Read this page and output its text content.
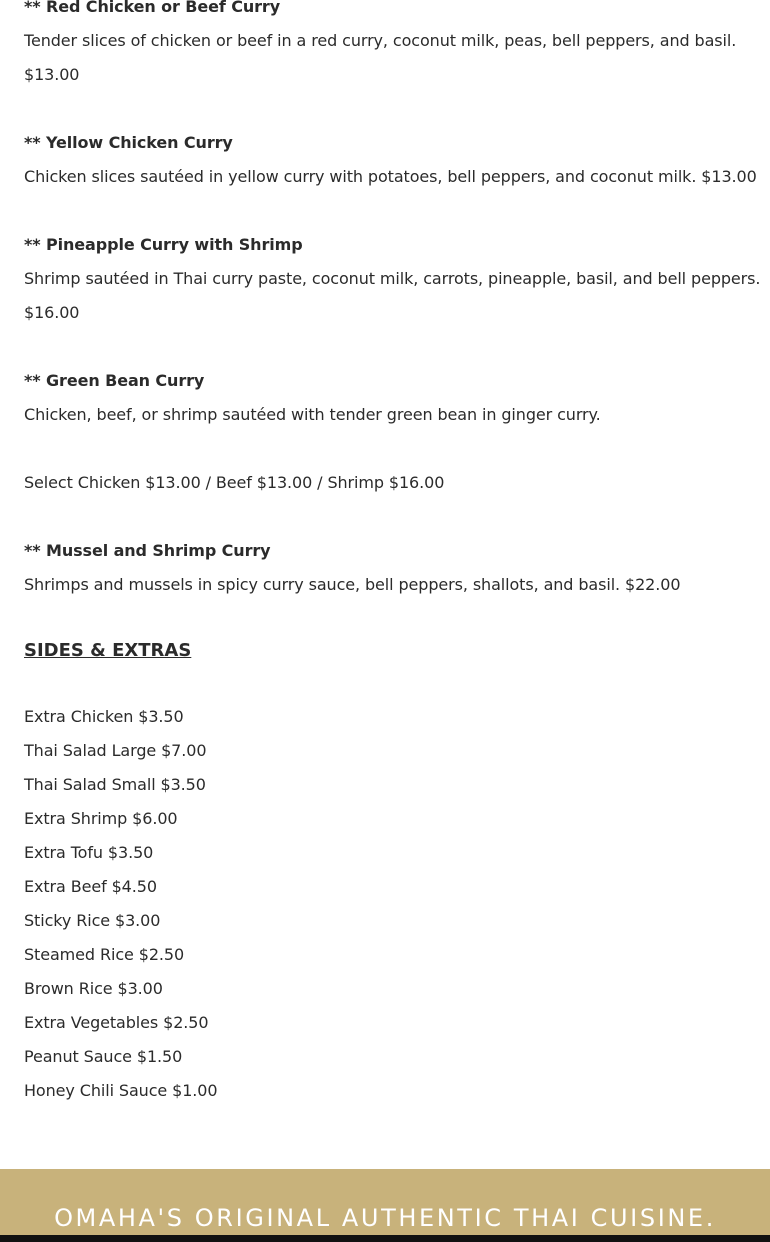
** Red Chicken or Beef Curry
Tender slices of chicken or beef in a red curry, coconut milk, peas, bell peppers, and basil.
$13.00
** Yellow Chicken Curry
Chicken slices sautéed in yellow curry with potatoes, bell peppers, and coconut milk. $13.00
** Pineapple Curry with Shrimp
Shrimp sautéed in Thai curry paste, coconut milk, carrots, pineapple, basil, and bell peppers.
$16.00
** Green Bean Curry
Chicken, beef, or shrimp sautéed with tender green bean in ginger curry.
Select Chicken $13.00 / Beef $13.00 / Shrimp $16.00
** Mussel and Shrimp Curry
Shrimps and mussels in spicy curry sauce, bell peppers, shallots, and basil. $22.00
SIDES & EXTRAS
Extra Chicken $3.50
Thai Salad Large $7.00
Thai Salad Small $3.50
Extra Shrimp $6.00
Extra Tofu $3.50
Extra Beef $4.50
Sticky Rice $3.00
Steamed Rice $2.50
Brown Rice $3.00
Extra Vegetables $2.50
Peanut Sauce $1.50
Honey Chili Sauce $1.00
OMAHA'S ORIGINAL AUTHENTIC THAI CUISINE.
